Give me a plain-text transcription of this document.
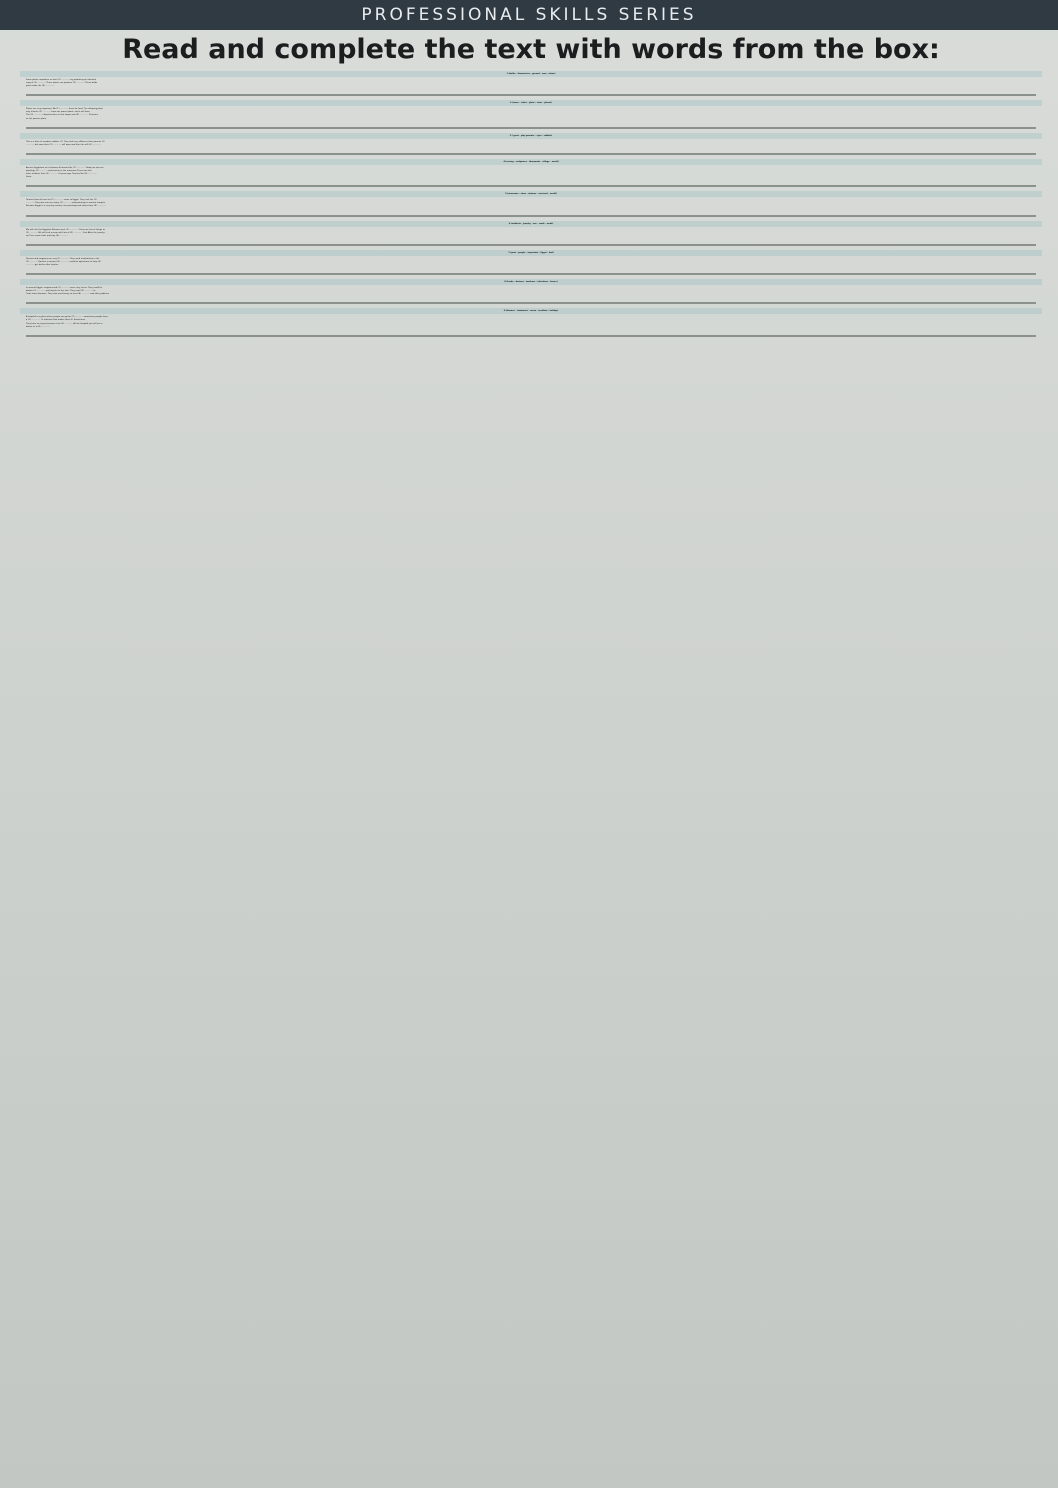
PROFESSIONAL SKILLS SERIES
Read and complete the text with words from the box:
1-(bulbs – themselves – ground – own – alone)
Some plants reproduce on their (1) ..............by producing an identical
copy of (2) ..............These plants can produce (3) ..............These bulbs
grow under the (4) ..............
2-(same – traits – plant – stem – planet)
Plants are very important. We (1) ..............them for food. The offspring plant
only inherits (2) ..............from one parent plant, and it will have
The (3) ..............characteristics in leaf shape and (4) .............. Structure
as the parents plant
3-( grow – play parents – eyes – rabbits)
This is a litter of newborn rabbits. (1) They look very different their parents (2)
..............but soon their (3) ..............will open and their fur will (4) ..............
4-(seeing – sculptures - thousands – village – world)
Ancient Egyptians art is famous all around the (1) .............. Today we can see
paintings (2) ..............and jewelry in the museums There are also
other artifacts from (3) ..............of years ago. Tourists like (4) ..............
them.
5-(museums – stars – statues – survived – world)
Tourists from all over the (1) ..............come to Egypt. They visit the (2)
..............They also can see many (3) ..............and paintings in ancient temples.
Because Egypt is a very dry country, the paintings and states have (4) ..............
6-(artifacts – jewelry – see – week – weak)
We will visit the Egyptian Museum next (1) .............. There are lots of things to
(2) ..............We will visit a room with lots of (3) .............. First After the jewelry,
we'll see some tools and clay (4) ..............
7-(past – people – important – Egypt – bad)
Doctors and surgeons are very (1) ..............They used medications in the
(2) ..............Doctors in ancient (3) ..............could do operations to help (4)
..............get better after injuries
8-(herbs – doctors – teachers – infections – bones)
In ancient Egypt, surgeons and (1) ..............were very clever. They could fix
broken (2) ..............and injuries to the skin. They used (3) ..............to
Treat some diseases. They also used honey to treat (4) ..............and skin problems
9-(disease – treatment – nurse – accident – holiday)
A hospital is a place where people can go for (1) ..............sometimes people have
a (2) .............. Or infection that makes them ill. Sometimes
They have an injury because of an (3) ..............At the hospital you will see a
doctor or a (4) ..............
